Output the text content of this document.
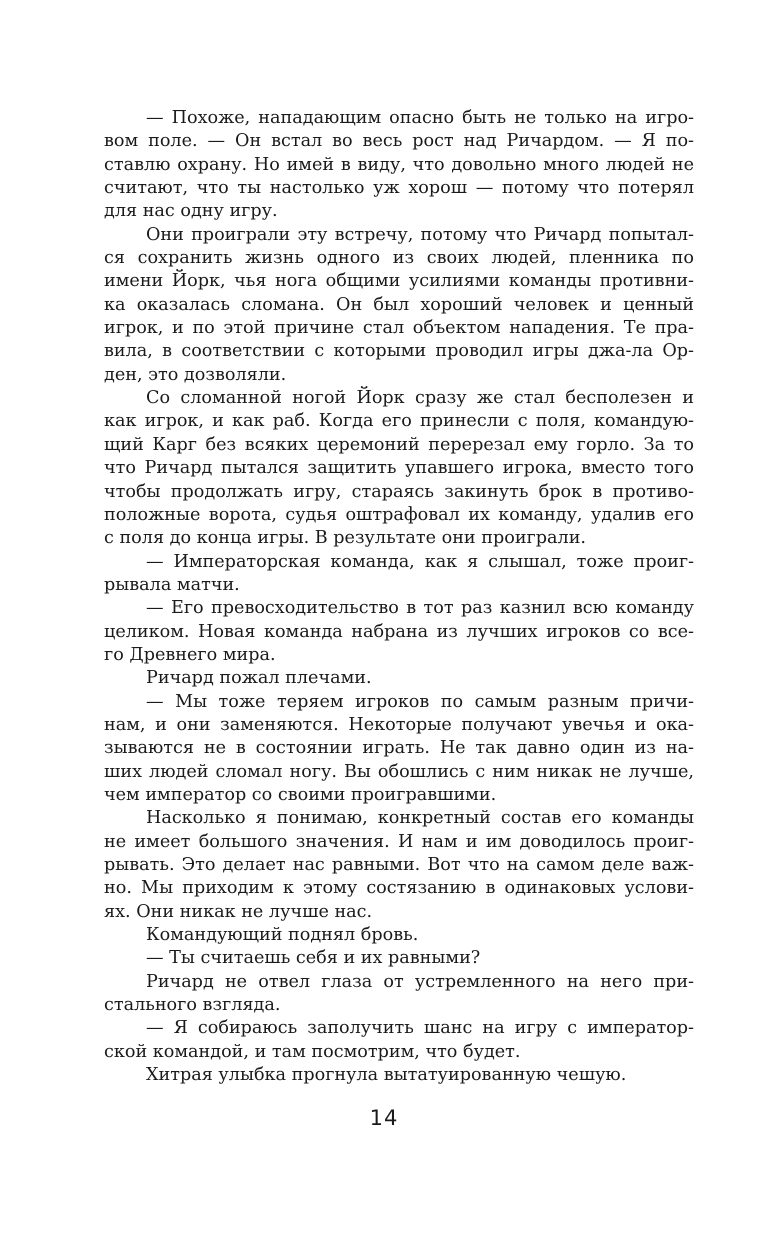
— Похоже, нападающим опасно быть не только на игро-
вом поле. — Он встал во весь рост над Ричардом. — Я по-
ставлю охрану. Но имей в виду, что довольно много людей не
считают, что ты настолько уж хорош — потому что потерял
для нас одну игру.
Они проиграли эту встречу, потому что Ричард попытал-
ся сохранить жизнь одного из своих людей, пленника по
имени Йорк, чья нога общими усилиями команды противни-
ка оказалась сломана. Он был хороший человек и ценный
игрок, и по этой причине стал объектом нападения. Те пра-
вила, в соответствии с которыми проводил игры джа-ла Ор-
ден, это дозволяли.
Со сломанной ногой Йорк сразу же стал бесполезен и
как игрок, и как раб. Когда его принесли с поля, командую-
щий Карг без всяких церемоний перерезал ему горло. За то
что Ричард пытался защитить упавшего игрока, вместо того
чтобы продолжать игру, стараясь закинуть брок в противо-
положные ворота, судья оштрафовал их команду, удалив его
с поля до конца игры. В результате они проиграли.
— Императорская команда, как я слышал, тоже проиг-
рывала матчи.
— Его превосходительство в тот раз казнил всю команду
целиком. Новая команда набрана из лучших игроков со все-
го Древнего мира.
Ричард пожал плечами.
— Мы тоже теряем игроков по самым разным причи-
нам, и они заменяются. Некоторые получают увечья и ока-
зываются не в состоянии играть. Не так давно один из на-
ших людей сломал ногу. Вы обошлись с ним никак не лучше,
чем император со своими проигравшими.
Насколько я понимаю, конкретный состав его команды
не имеет большого значения. И нам и им доводилось проиг-
рывать. Это делает нас равными. Вот что на самом деле важ-
но. Мы приходим к этому состязанию в одинаковых услови-
ях. Они никак не лучше нас.
Командующий поднял бровь.
— Ты считаешь себя и их равными?
Ричард не отвел глаза от устремленного на него при-
стального взгляда.
— Я собираюсь заполучить шанс на игру с император-
ской командой, и там посмотрим, что будет.
Хитрая улыбка прогнула вытатуированную чешую.
14
